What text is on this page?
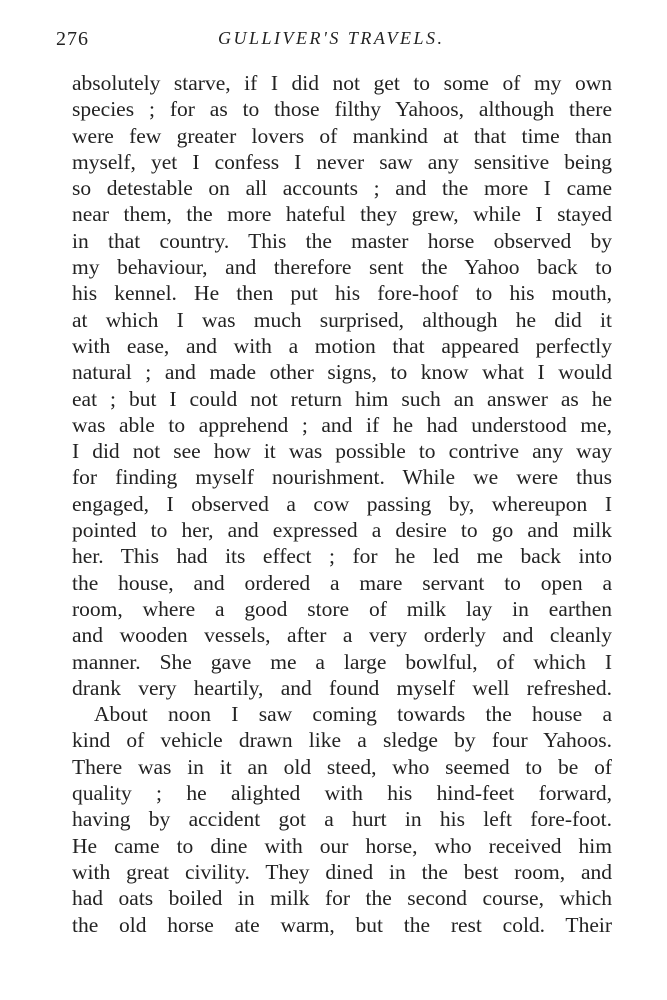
276	GULLIVER'S TRAVELS.
absolutely starve, if I did not get to some of my own
species ; for as to those filthy Yahoos, although there
were few greater lovers of mankind at that time than
myself, yet I confess I never saw any sensitive being
so detestable on all accounts ; and the more I came
near them, the more hateful they grew, while I stayed
in that country. This the master horse observed by
my behaviour, and therefore sent the Yahoo back to
his kennel. He then put his fore-hoof to his mouth,
at which I was much surprised, although he did it
with ease, and with a motion that appeared perfectly
natural ; and made other signs, to know what I would
eat ; but I could not return him such an answer as he
was able to apprehend ; and if he had understood me,
I did not see how it was possible to contrive any way
for finding myself nourishment. While we were thus
engaged, I observed a cow passing by, whereupon I
pointed to her, and expressed a desire to go and milk
her. This had its effect ; for he led me back into
the house, and ordered a mare servant to open a
room, where a good store of milk lay in earthen
and wooden vessels, after a very orderly and cleanly
manner. She gave me a large bowlful, of which I
drank very heartily, and found myself well refreshed.
About noon I saw coming towards the house a
kind of vehicle drawn like a sledge by four Yahoos.
There was in it an old steed, who seemed to be of
quality ; he alighted with his hind-feet forward,
having by accident got a hurt in his left fore-foot.
He came to dine with our horse, who received him
with great civility. They dined in the best room, and
had oats boiled in milk for the second course, which
the old horse ate warm, but the rest cold. Their
